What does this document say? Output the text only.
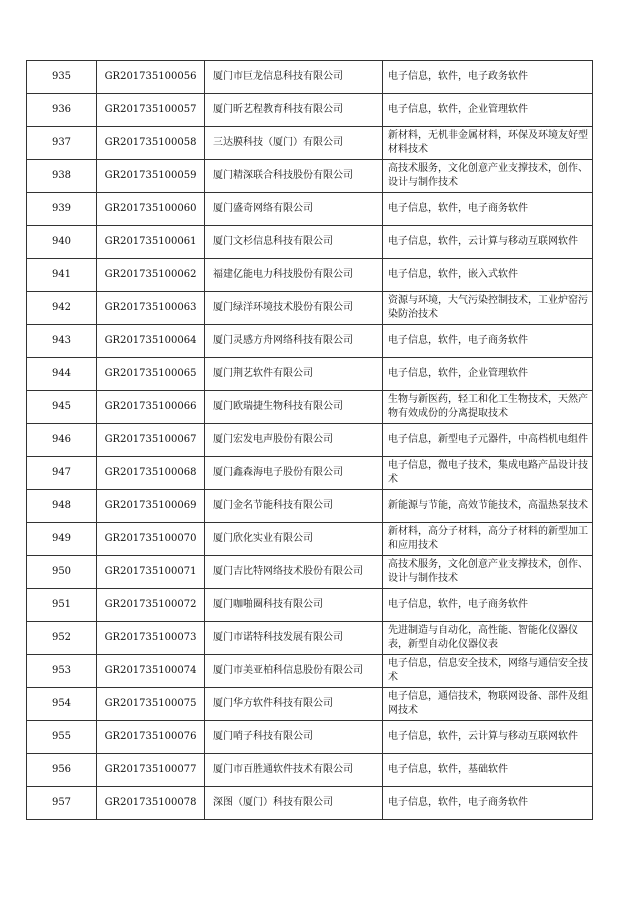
935	GR201735100056	厦门市巨龙信息科技有限公司	电子信息，软件，电子政务软件
936	GR201735100057	厦门昕艺程教育科技有限公司	电子信息，软件，企业管理软件
937	GR201735100058	三达膜科技（厦门）有限公司	新材料，无机非金属材料，环保及环境友好型材料技术
938	GR201735100059	厦门精深联合科技股份有限公司	高技术服务，文化创意产业支撑技术，创作、设计与制作技术
939	GR201735100060	厦门盛奇网络有限公司	电子信息，软件，电子商务软件
940	GR201735100061	厦门文杉信息科技有限公司	电子信息，软件，云计算与移动互联网软件
941	GR201735100062	福建亿能电力科技股份有限公司	电子信息，软件，嵌入式软件
942	GR201735100063	厦门绿洋环境技术股份有限公司	资源与环境，大气污染控制技术，工业炉窑污染防治技术
943	GR201735100064	厦门灵感方舟网络科技有限公司	电子信息，软件，电子商务软件
944	GR201735100065	厦门荆艺软件有限公司	电子信息，软件，企业管理软件
945	GR201735100066	厦门欧瑞捷生物科技有限公司	生物与新医药，轻工和化工生物技术，天然产物有效成份的分离提取技术
946	GR201735100067	厦门宏发电声股份有限公司	电子信息，新型电子元器件，中高档机电组件
947	GR201735100068	厦门鑫森海电子股份有限公司	电子信息，微电子技术，集成电路产品设计技术
948	GR201735100069	厦门金名节能科技有限公司	新能源与节能，高效节能技术，高温热泵技术
949	GR201735100070	厦门欣化实业有限公司	新材料，高分子材料，高分子材料的新型加工和应用技术
950	GR201735100071	厦门吉比特网络技术股份有限公司	高技术服务，文化创意产业支撑技术，创作、设计与制作技术
951	GR201735100072	厦门咖啪圈科技有限公司	电子信息，软件，电子商务软件
952	GR201735100073	厦门市诺特科技发展有限公司	先进制造与自动化，高性能、智能化仪器仪表，新型自动化仪器仪表
953	GR201735100074	厦门市美亚柏科信息股份有限公司	电子信息，信息安全技术，网络与通信安全技术
954	GR201735100075	厦门华方软件科技有限公司	电子信息，通信技术，物联网设备、部件及组网技术
955	GR201735100076	厦门哨子科技有限公司	电子信息，软件，云计算与移动互联网软件
956	GR201735100077	厦门市百胜通软件技术有限公司	电子信息，软件，基础软件
957	GR201735100078	深图（厦门）科技有限公司	电子信息，软件，电子商务软件
